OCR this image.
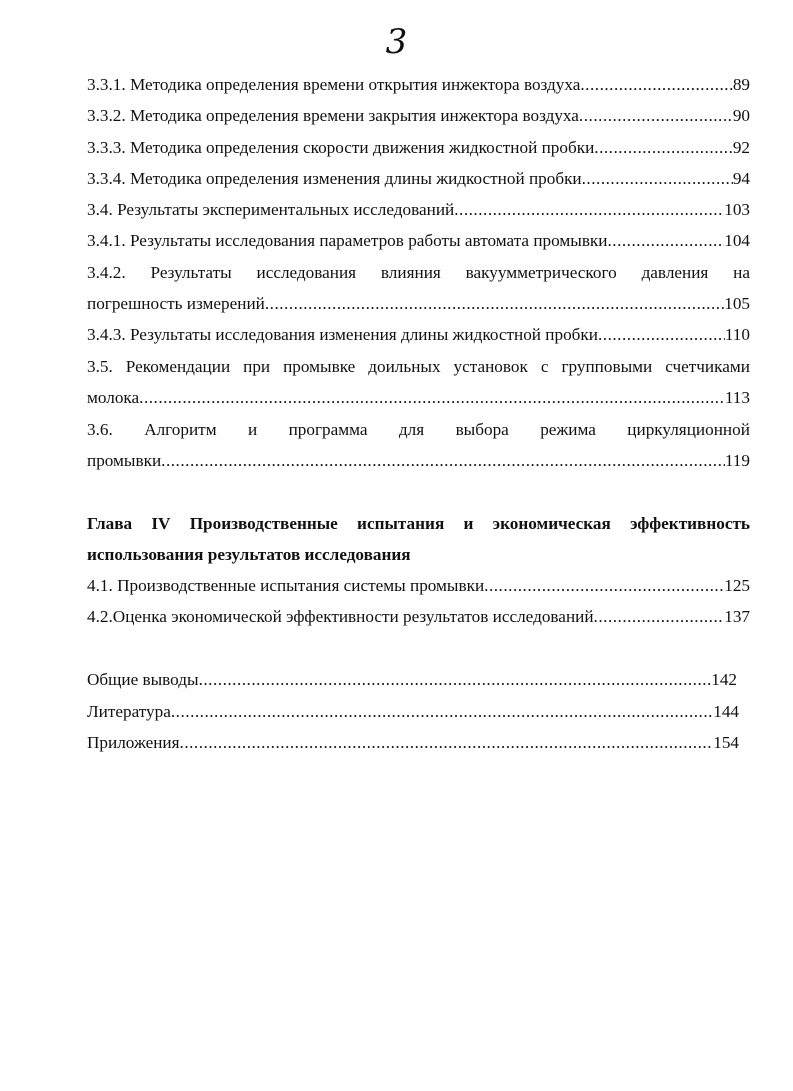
3
3.3.1. Методика определения времени открытия инжектора воздуха .....	89
3.3.2. Методика определения времени закрытия инжектора воздуха .....	90
3.3.3. Методика определения скорости движения жидкостной пробки .....	92
3.3.4. Методика определения изменения длины жидкостной пробки .....	94
3.4. Результаты экспериментальных исследований .....	103
3.4.1. Результаты исследования параметров работы автомата промывки .....	104
3.4.2. Результаты исследования влияния вакуумметрического давления на
погрешность измерений .....	105
3.4.3. Результаты исследования изменения длины жидкостной пробки .....	110
3.5. Рекомендации при промывке доильных установок с групповыми счетчиками
молока .....	113
3.6. Алгоритм и программа для выбора режима циркуляционной
промывки .....	119
Глава IV Производственные испытания и экономическая эффективность
использования результатов исследования
4.1. Производственные испытания системы промывки .....	125
4.2.Оценка экономической эффективности результатов исследований .....	137
Общие выводы .....	142
Литература .....	144
Приложения .....	154
